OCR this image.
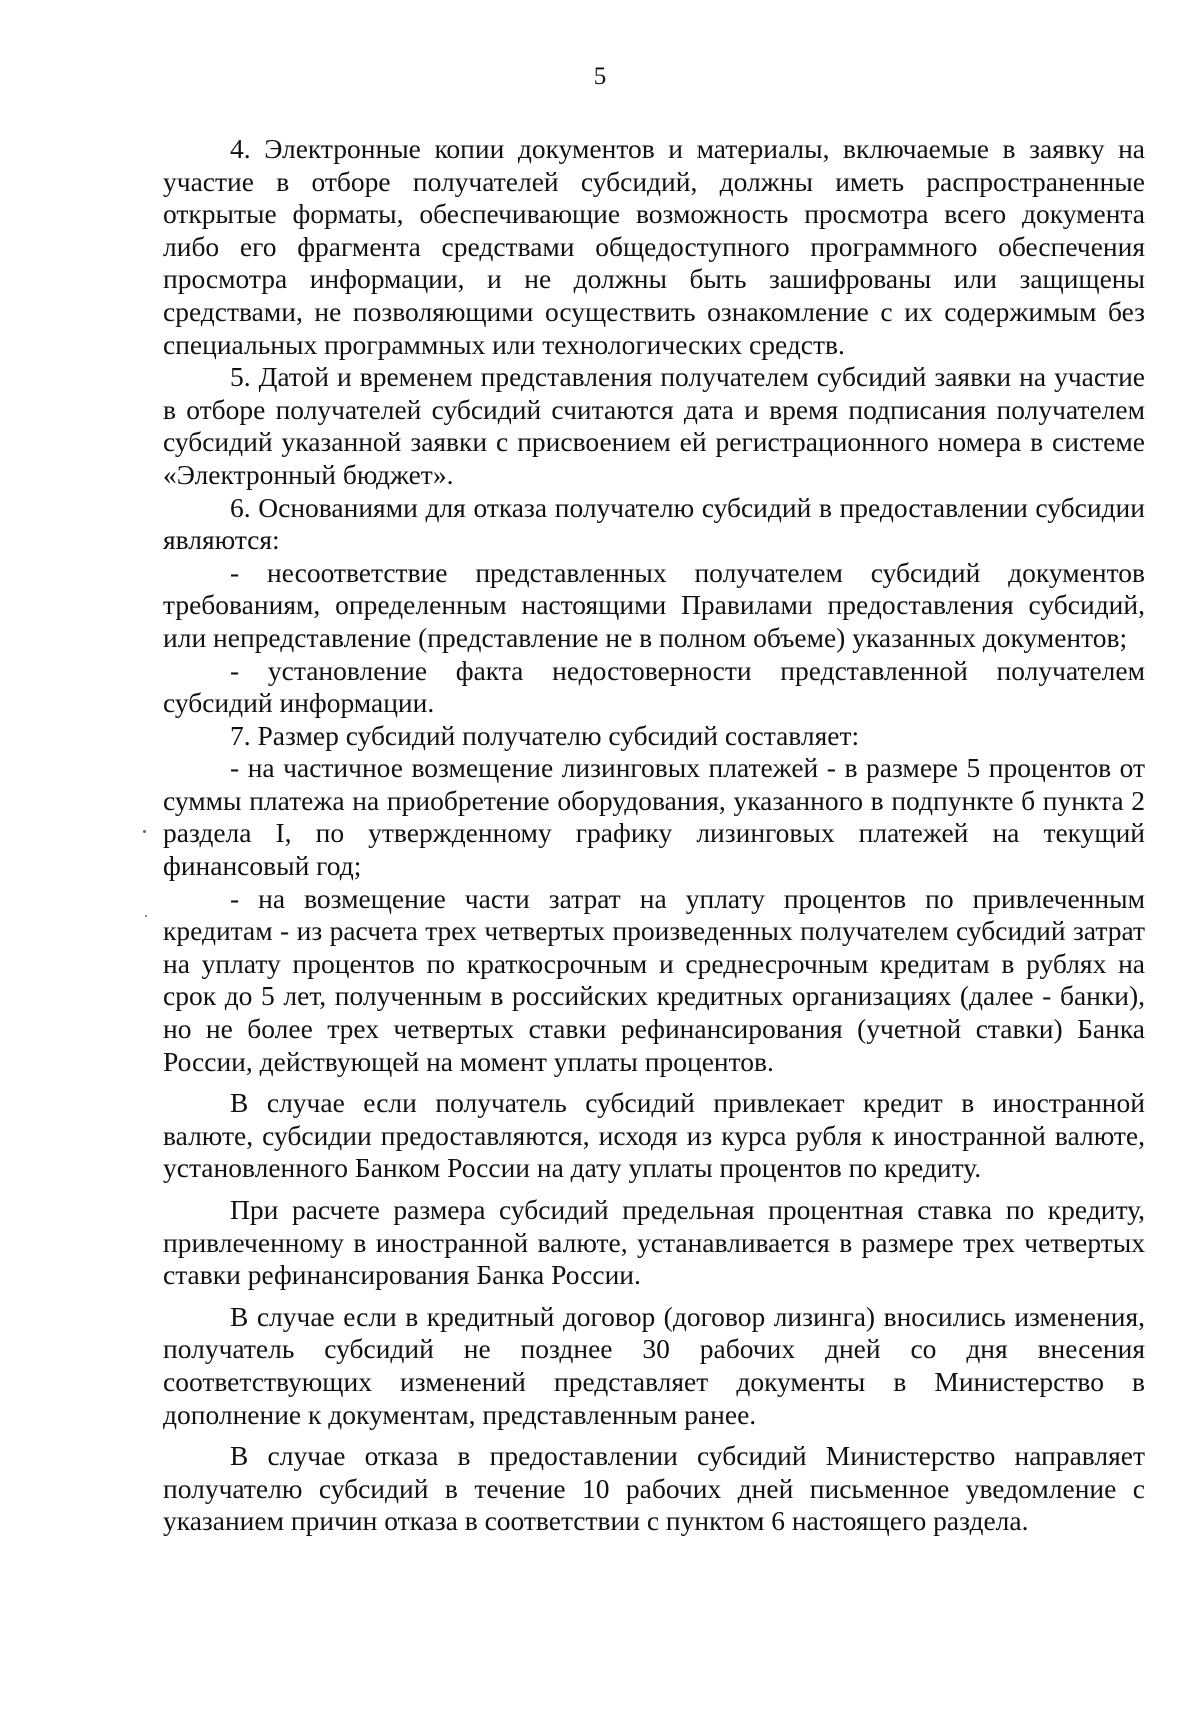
5

4. Электронные копии документов и материалы, включаемые в заявку на участие в отборе получателей субсидий, должны иметь распространенные открытые форматы, обеспечивающие возможность просмотра всего документа либо его фрагмента средствами общедоступного программного обеспечения просмотра информации, и не должны быть зашифрованы или защищены средствами, не позволяющими осуществить ознакомление с их содержимым без специальных программных или технологических средств.

5. Датой и временем представления получателем субсидий заявки на участие в отборе получателей субсидий считаются дата и время подписания получателем субсидий указанной заявки с присвоением ей регистрационного номера в системе «Электронный бюджет».

6. Основаниями для отказа получателю субсидий в предоставлении субсидии являются:

- несоответствие представленных получателем субсидий документов требованиям, определенным настоящими Правилами предоставления субсидий, или непредставление (представление не в полном объеме) указанных документов;

- установление факта недостоверности представленной получателем субсидий информации.

7. Размер субсидий получателю субсидий составляет:

- на частичное возмещение лизинговых платежей - в размере 5 процентов от суммы платежа на приобретение оборудования, указанного в подпункте б пункта 2 раздела I, по утвержденному графику лизинговых платежей на текущий финансовый год;

- на возмещение части затрат на уплату процентов по привлеченным кредитам - из расчета трех четвертых произведенных получателем субсидий затрат на уплату процентов по краткосрочным и среднесрочным кредитам в рублях на срок до 5 лет, полученным в российских кредитных организациях (далее - банки), но не более трех четвертых ставки рефинансирования (учетной ставки) Банка России, действующей на момент уплаты процентов.

В случае если получатель субсидий привлекает кредит в иностранной валюте, субсидии предоставляются, исходя из курса рубля к иностранной валюте, установленного Банком России на дату уплаты процентов по кредиту.

При расчете размера субсидий предельная процентная ставка по кредиту, привлеченному в иностранной валюте, устанавливается в размере трех четвертых ставки рефинансирования Банка России.

В случае если в кредитный договор (договор лизинга) вносились изменения, получатель субсидий не позднее 30 рабочих дней со дня внесения соответствующих изменений представляет документы в Министерство в дополнение к документам, представленным ранее.

В случае отказа в предоставлении субсидий Министерство направляет получателю субсидий в течение 10 рабочих дней письменное уведомление с указанием причин отказа в соответствии с пунктом 6 настоящего раздела.
